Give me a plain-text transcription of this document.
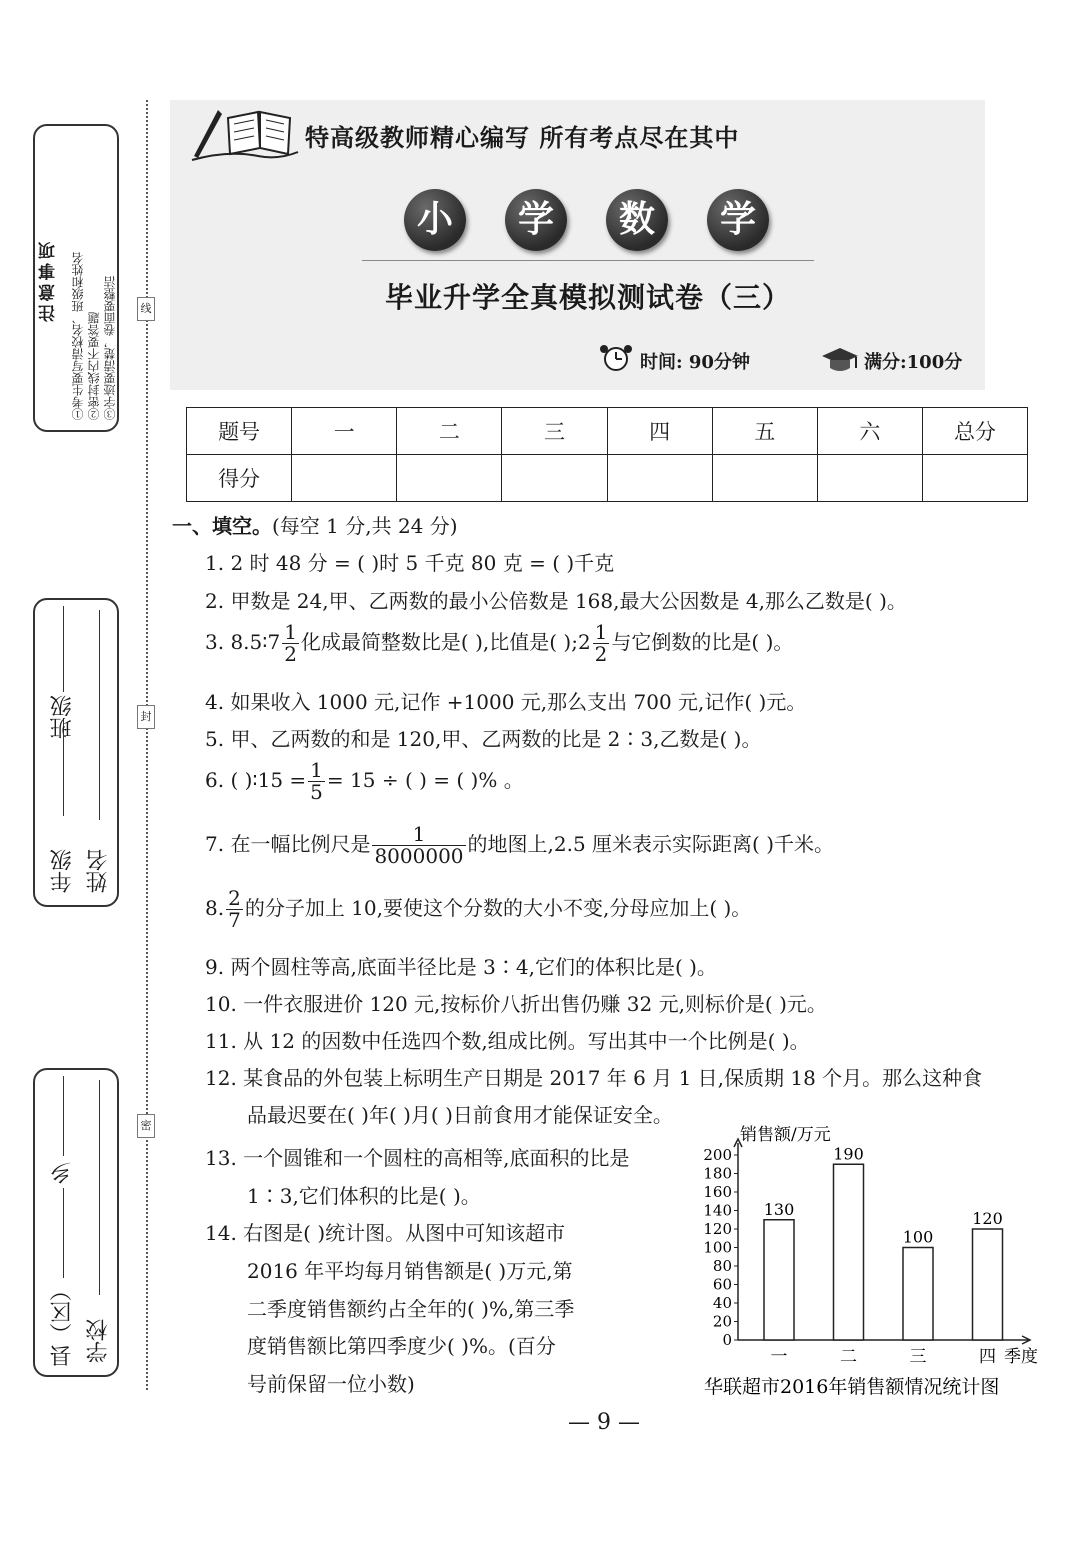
线
封
密
注意事项 ①考生要写清校名、班级和姓名 ②密封线内不要答题 ③字迹要清楚，卷面要整洁
年级
班级
姓名
县（区）
乡
学校
特高级教师精心编写 所有考点尽在其中
小	学	数	学
毕业升学全真模拟测试卷（三）
时间: 90分钟	满分:100分
题号	一	二	三	四	五	六	总分
得分							
一、填空。(每空 1 分,共 24 分)
1. 2 时 48 分 = ( )时 5 千克 80 克 = ( )千克
2. 甲数是 24,甲、乙两数的最小公倍数是 168,最大公因数是 4,那么乙数是( )。
3. 8.5∶7 $\frac{1}{2}$ 化成最简整数比是( ),比值是( );2 $\frac{1}{2}$ 与它倒数的比是( )。
4. 如果收入 1000 元,记作 +1000 元,那么支出 700 元,记作( )元。
5. 甲、乙两数的和是 120,甲、乙两数的比是 2∶3,乙数是( )。
6. ( )∶15 = $\frac{1}{5} = 15$ ÷ ( ) = ( )% 。
7. 在一幅比例尺是 $\frac{1}{8000000}$ 的地图上,2.5 厘米表示实际距离( )千米。
8. $\frac{2}{7}$ 的分子加上 10,要使这个分数的大小不变,分母应加上( )。
9. 两个圆柱等高,底面半径比是 3∶4,它们的体积比是( )。
10. 一件衣服进价 120 元,按标价八折出售仍赚 32 元,则标价是( )元。
11. 从 12 的因数中任选四个数,组成比例。写出其中一个比例是( )。
12. 某食品的外包装上标明生产日期是 2017 年 6 月 1 日,保质期 18 个月。那么这种食
品最迟要在( )年( )月( )日前食用才能保证安全。
13. 一个圆锥和一个圆柱的高相等,底面积的比是
1∶3,它们体积的比是( )。
14. 右图是( )统计图。从图中可知该超市
2016 年平均每月销售额是( )万元,第
二季度销售额约占全年的( )%,第三季
度销售额比第四季度少( )%。(百分
号前保留一位小数)
销售额/万元
季度
华联超市2016年销售额情况统计图
0
20
40
60
80
100
120
140
160
180
200
130
190
100
120
一	二	三	四
— 9 —
